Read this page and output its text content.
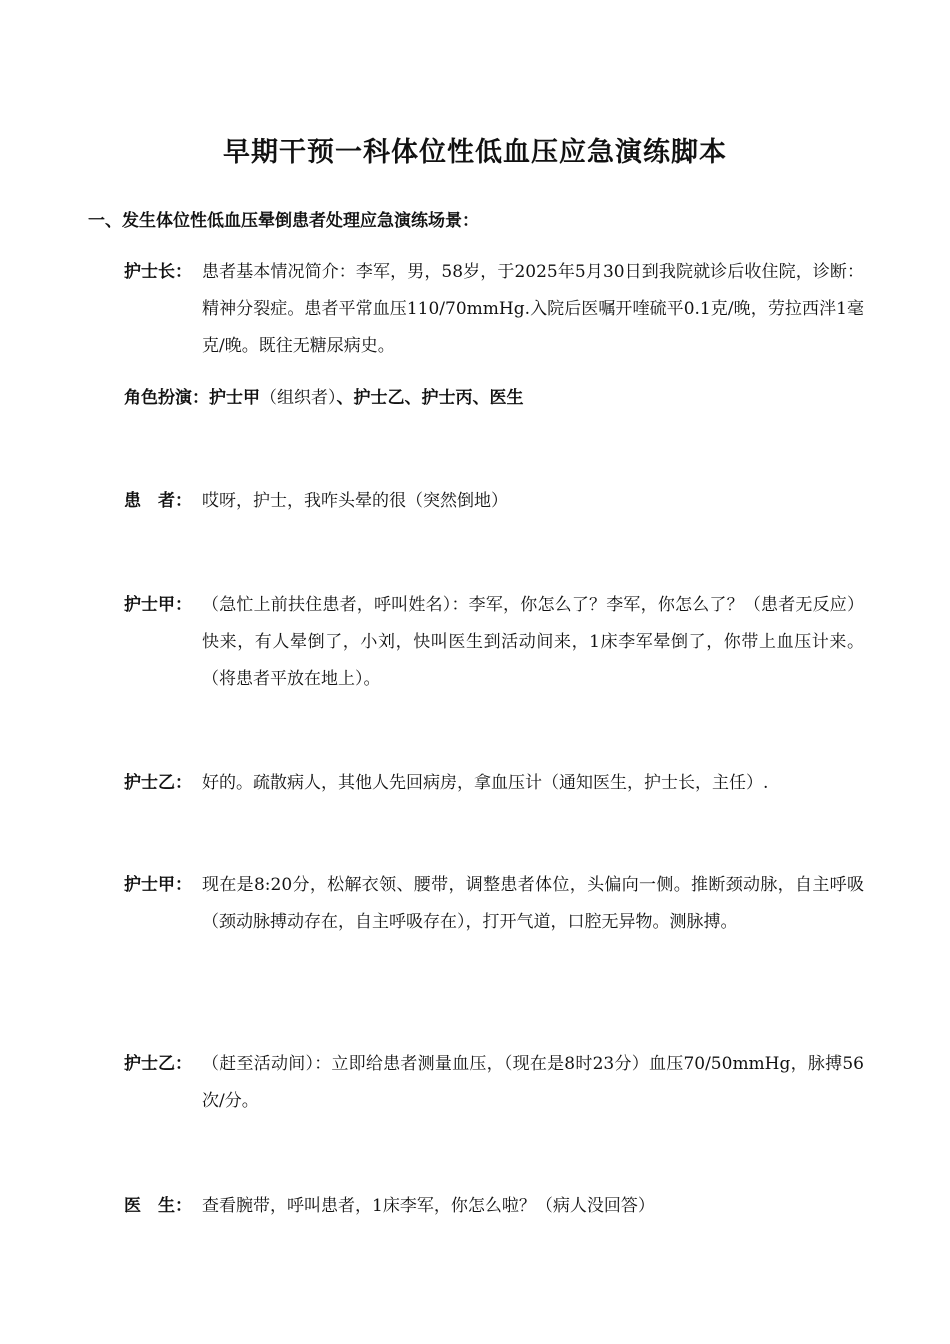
早期干预一科体位性低血压应急演练脚本
一、发生体位性低血压晕倒患者处理应急演练场景：
护士长： 患者基本情况简介：李军，男，58岁，于2025年5月30日到我院就诊后收住院，诊断：精神分裂症。患者平常血压110/70mmHg.入院后医嘱开喹硫平0.1克/晚，劳拉西泮1毫克/晚。既往无糖尿病史。
角色扮演：护士甲（组织者）、护士乙、护士丙、医生
患　者： 哎呀，护士，我咋头晕的很（突然倒地）
护士甲： （急忙上前扶住患者，呼叫姓名）：李军，你怎么了？李军，你怎么了？（患者无反应）快来，有人晕倒了，小刘，快叫医生到活动间来，1床李军晕倒了，你带上血压计来。（将患者平放在地上）。
护士乙： 好的。疏散病人，其他人先回病房，拿血压计（通知医生，护士长，主任）.
护士甲： 现在是8:20分，松解衣领、腰带，调整患者体位，头偏向一侧。推断颈动脉，自主呼吸（颈动脉搏动存在，自主呼吸存在），打开气道，口腔无异物。测脉搏。
护士乙： （赶至活动间）：立即给患者测量血压，（现在是8时23分）血压70/50mmHg，脉搏56次/分。
医　生： 查看腕带，呼叫患者，1床李军，你怎么啦？（病人没回答）
